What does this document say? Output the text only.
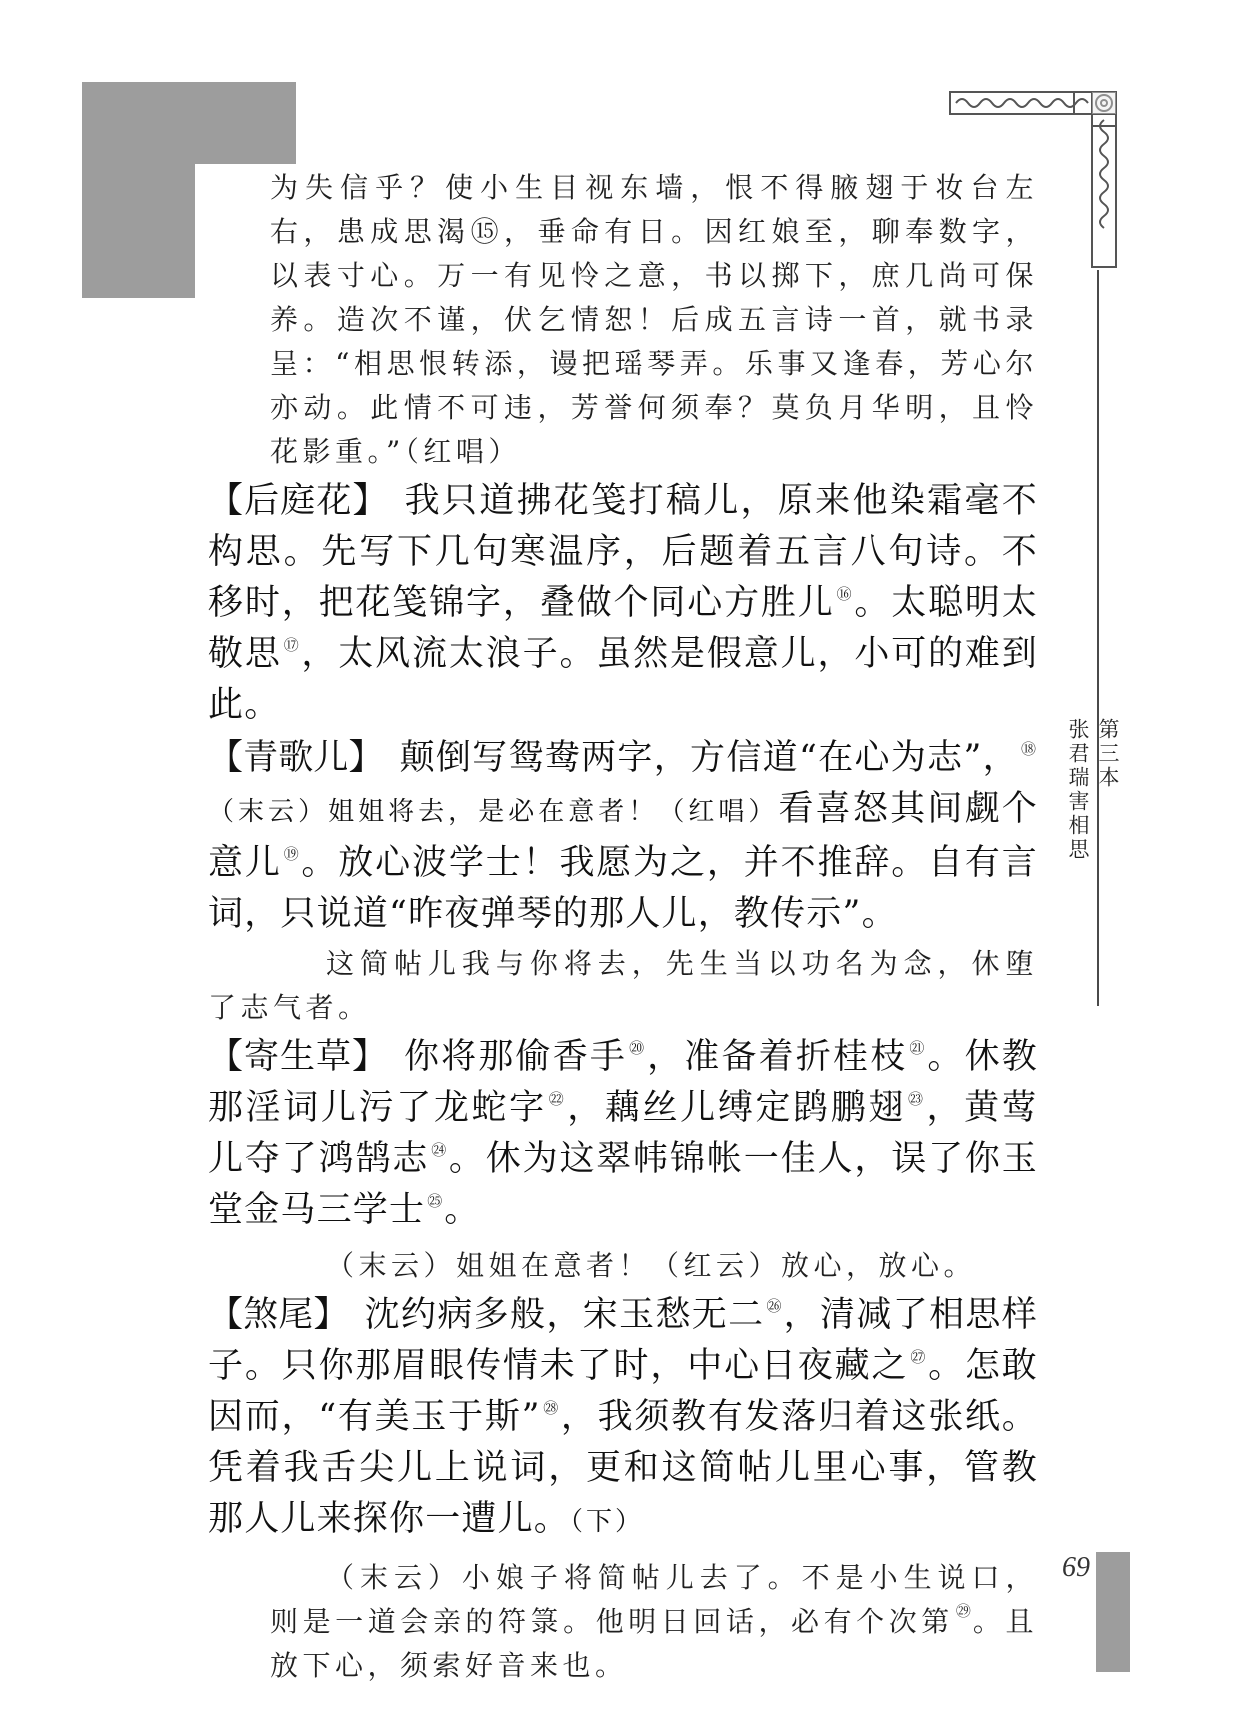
第三本
张君瑞害相思
69

为失信乎？使小生目视东墙，恨不得腋翅于妆台左右，患成思渴⑮，垂命有日。因红娘至，聊奉数字，以表寸心。万一有见怜之意，书以掷下，庶几尚可保养。造次不谨，伏乞情恕！后成五言诗一首，就书录呈：“相思恨转添，谩把瑶琴弄。乐事又逢春，芳心尔亦动。此情不可违，芳誉何须奉？莫负月华明，且怜花影重。”（红唱）

【后庭花】 我只道拂花笺打稿儿，原来他染霜毫不构思。先写下几句寒温序，后题着五言八句诗。不移时，把花笺锦字，叠做个同心方胜儿 ⑯。太聪明太敬思 ⑰，太风流太浪子。虽然是假意儿，小可的难到此。

【青歌儿】 颠倒写鸳鸯两字，方信道“在心为志”， ⑱（末云）姐姐将去，是必在意者！（红唱）看喜怒其间觑个意儿 ⑲。放心波学士！我愿为之，并不推辞。自有言词，只说道“昨夜弹琴的那人儿，教传示”。

这简帖儿我与你将去，先生当以功名为念，休堕了志气者。

【寄生草】 你将那偷香手 ⑳，准备着折桂枝 $^㉑$。休教那淫词儿污了龙蛇字 $^㉒$，藕丝儿缚定鹍鹏翅 $^㉓$，黄莺儿夺了鸿鹄志 $^㉔$。休为这翠帏锦帐一佳人，误了你玉堂金马三学士 $^㉕$。

（末云）姐姐在意者！（红云）放心，放心。

【煞尾】 沈约病多般，宋玉愁无二 $^㉖$，清减了相思样子。只你那眉眼传情未了时，中心日夜藏之 $^㉗$。怎敢因而，“有美玉于斯” $^㉘$，我须教有发落归着这张纸。凭着我舌尖儿上说词，更和这简帖儿里心事，管教那人儿来探你一遭儿。（下）

（末云）小娘子将简帖儿去了。不是小生说口，则是一道会亲的符箓。他明日回话，必有个次第 $^㉙$。且放下心，须索好音来也。
